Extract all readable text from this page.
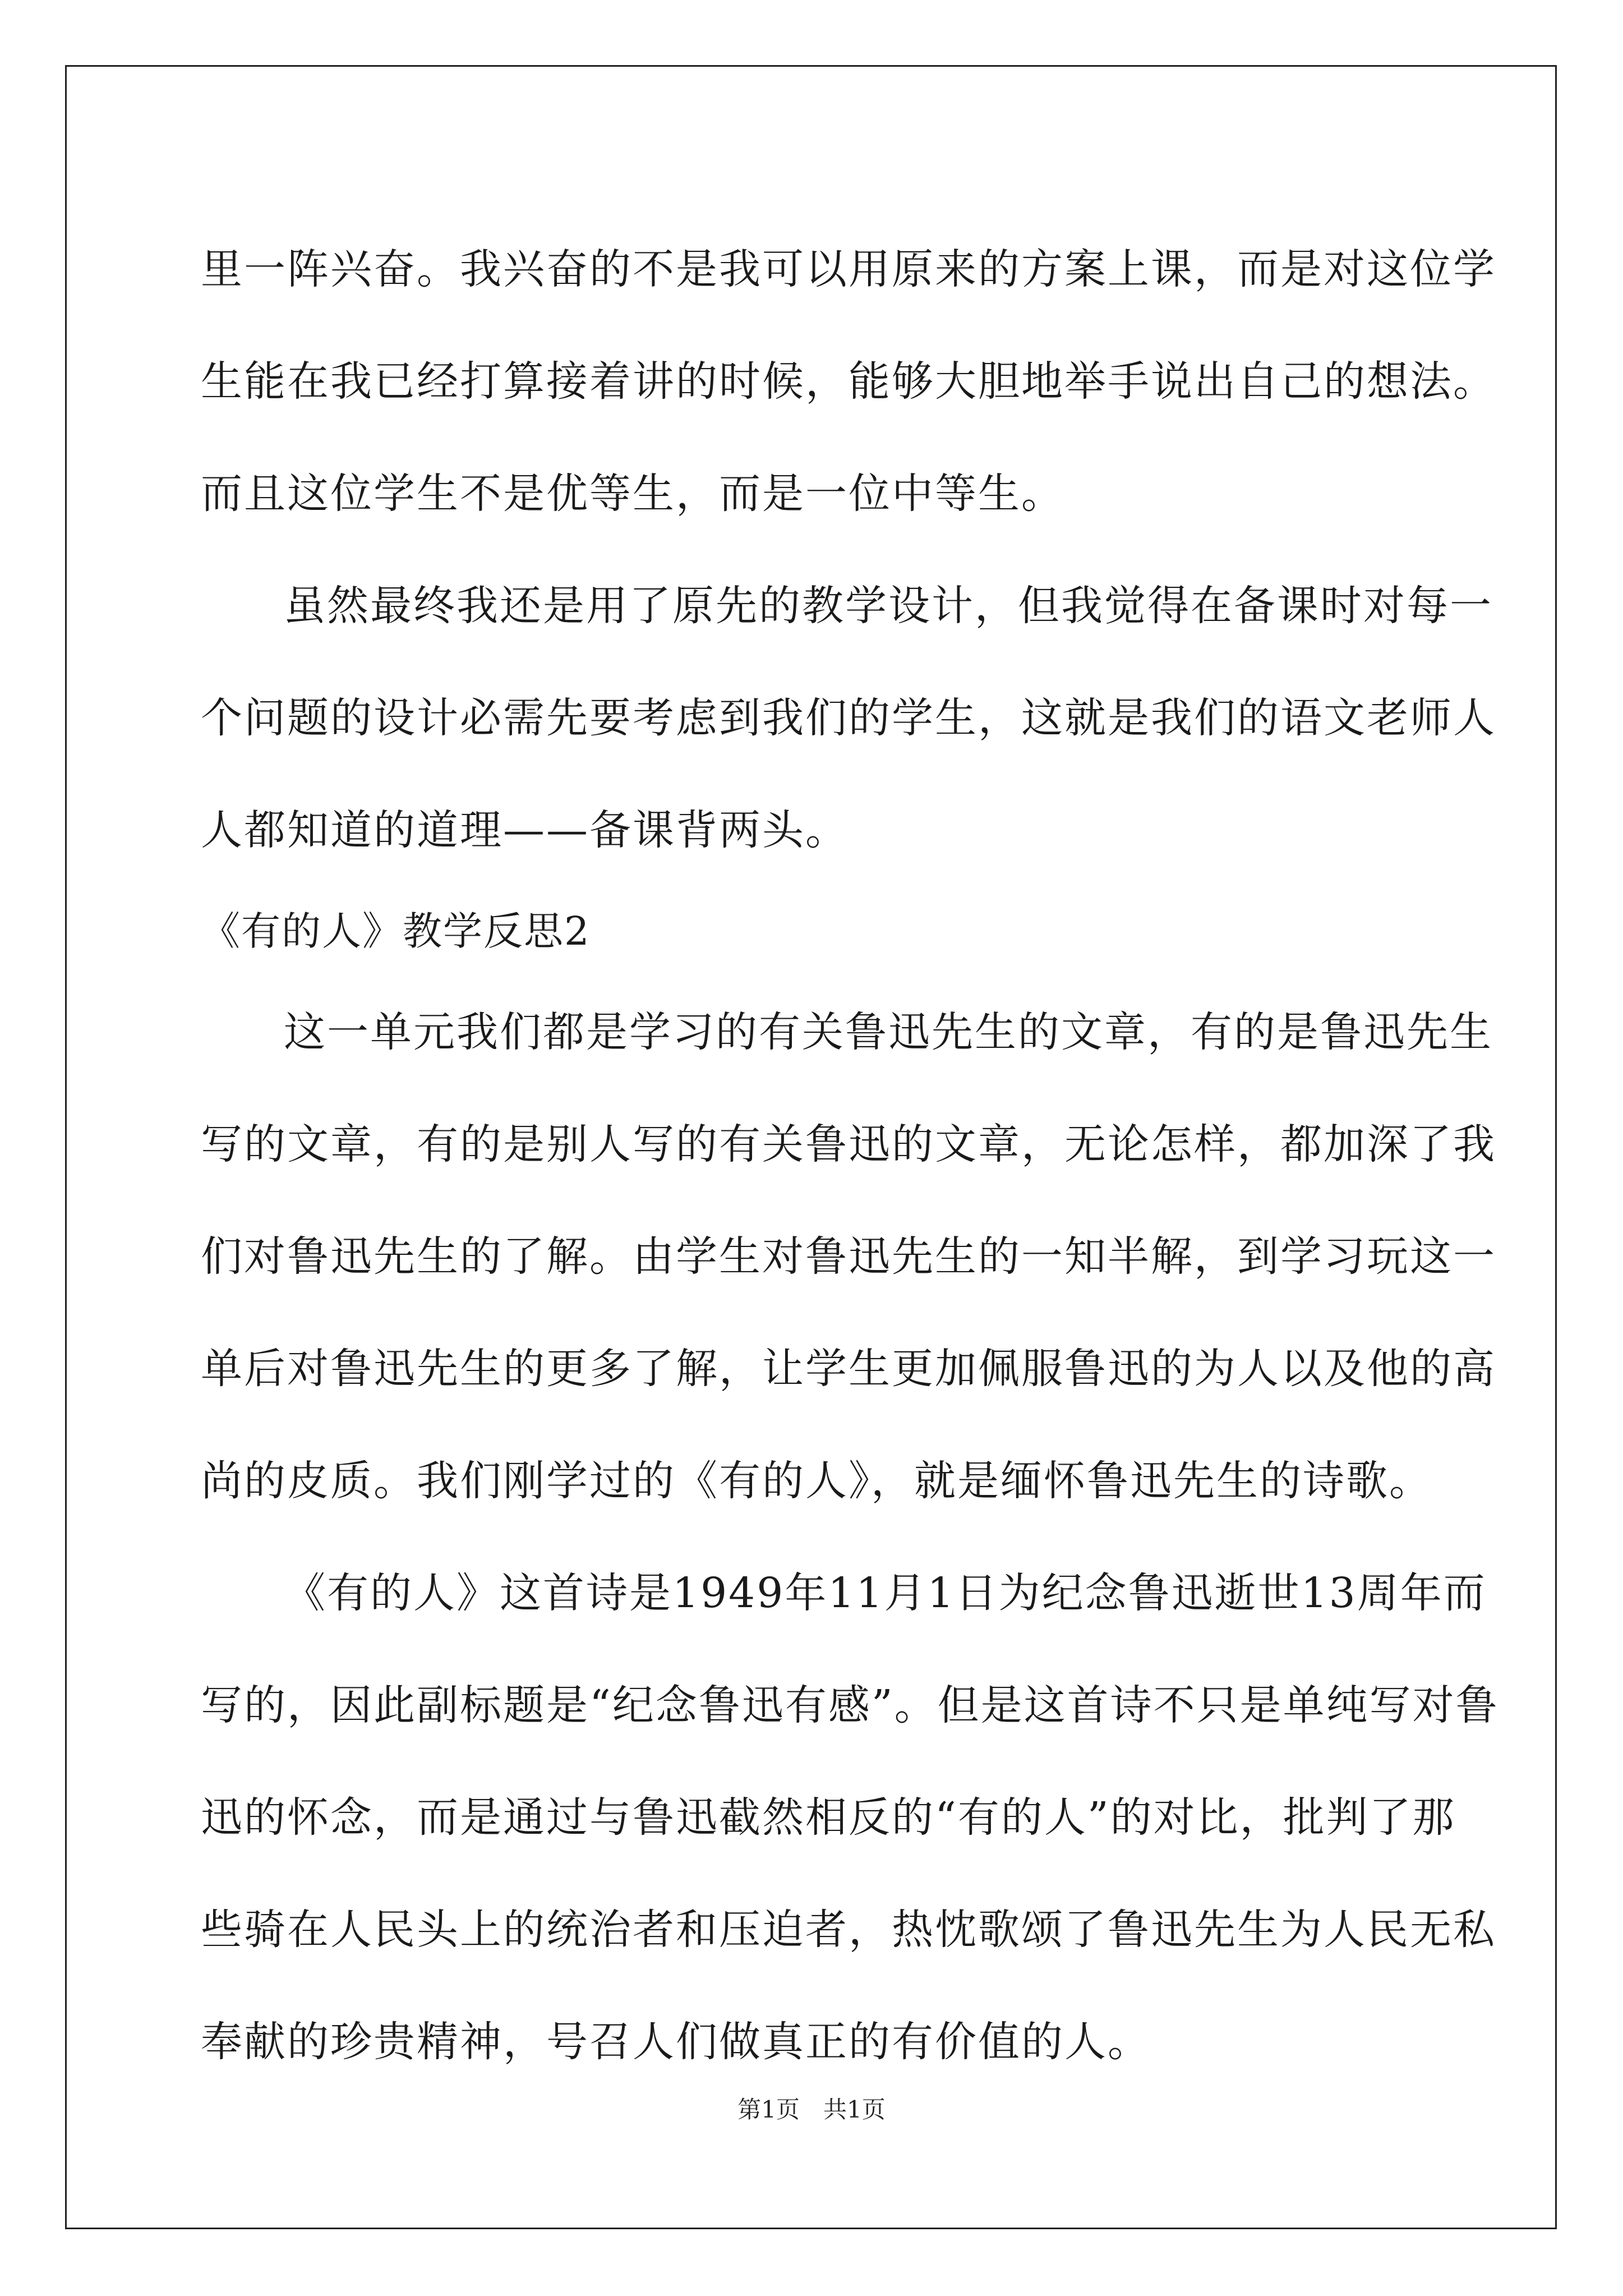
里一阵兴奋。我兴奋的不是我可以用原来的方案上课，而是对这位学
生能在我已经打算接着讲的时候，能够大胆地举手说出自己的想法。
而且这位学生不是优等生，而是一位中等生。
虽然最终我还是用了原先的教学设计，但我觉得在备课时对每一
个问题的设计必需先要考虑到我们的学生，这就是我们的语文老师人
人都知道的道理——备课背两头。
《有的人》教学反思2
这一单元我们都是学习的有关鲁迅先生的文章，有的是鲁迅先生
写的文章，有的是别人写的有关鲁迅的文章，无论怎样，都加深了我
们对鲁迅先生的了解。由学生对鲁迅先生的一知半解，到学习玩这一
单后对鲁迅先生的更多了解，让学生更加佩服鲁迅的为人以及他的高
尚的皮质。我们刚学过的《有的人》，就是缅怀鲁迅先生的诗歌。
《有的人》这首诗是1949年11月1日为纪念鲁迅逝世13周年而
写的，因此副标题是“纪念鲁迅有感”。但是这首诗不只是单纯写对鲁
迅的怀念，而是通过与鲁迅截然相反的“有的人”的对比，批判了那
些骑在人民头上的统治者和压迫者，热忱歌颂了鲁迅先生为人民无私
奉献的珍贵精神，号召人们做真正的有价值的人。
第1页　共1页
